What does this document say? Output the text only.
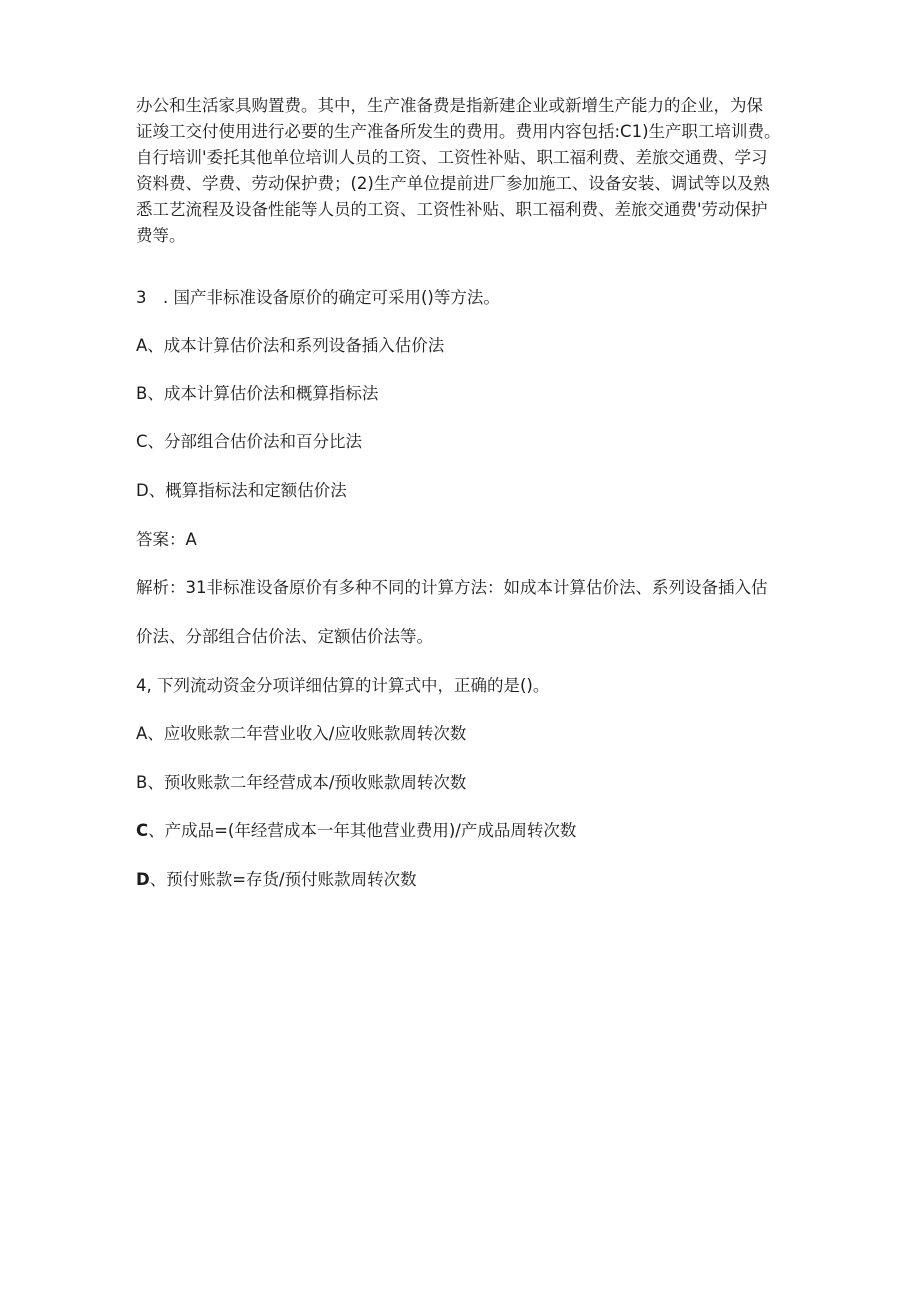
办公和生活家具购置费。其中，生产准备费是指新建企业或新增生产能力的企业，为保
证竣工交付使用进行必要的生产准备所发生的费用。费用内容包括:C1)生产职工培训费。
自行培训'委托其他单位培训人员的工资、工资性补贴、职工福利费、差旅交通费、学习
资料费、学费、劳动保护费；(2)生产单位提前进厂参加施工、设备安装、调试等以及熟
悉工艺流程及设备性能等人员的工资、工资性补贴、职工福利费、差旅交通费'劳动保护
费等。

3　. 国产非标准设备原价的确定可采用()等方法。

A、成本计算估价法和系列设备插入估价法

B、成本计算估价法和概算指标法

C、分部组合估价法和百分比法

D、概算指标法和定额估价法

答案：A

解析：31非标准设备原价有多种不同的计算方法：如成本计算估价法、系列设备插入估

价法、分部组合估价法、定额估价法等。

4, 下列流动资金分项详细估算的计算式中，正确的是()。

A、应收账款二年营业收入/应收账款周转次数

B、预收账款二年经营成本/预收账款周转次数

C、产成品=(年经营成本一年其他营业费用)/产成品周转次数

D、预付账款=存货/预付账款周转次数
